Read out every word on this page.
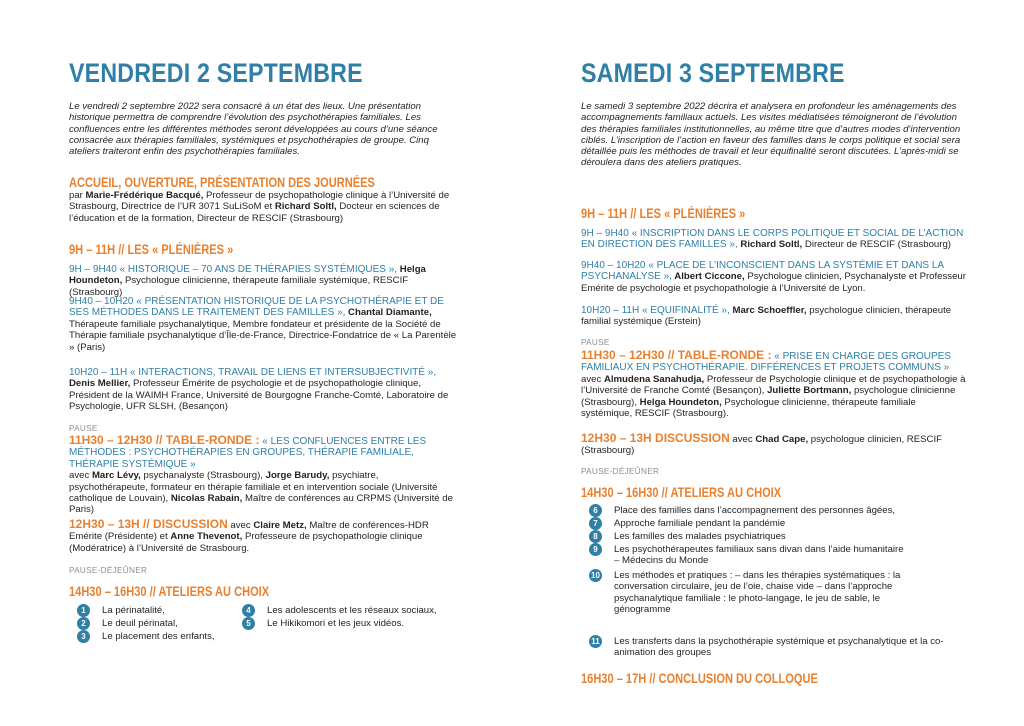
VENDREDI 2 SEPTEMBRE

Le vendredi 2 septembre 2022 sera consacré à un état des lieux. Une présentation historique permettra de comprendre l’évolution des psychothérapies familiales. Les confluences entre les différentes méthodes seront développées au cours d’une séance consacrée aux thérapies familiales, systémiques et psychothérapies de groupe. Cinq ateliers traiteront enfin des psychothérapies familiales.

ACCUEIL, OUVERTURE, PRÉSENTATION DES JOURNÉES
par Marie-Frédérique Bacqué, Professeur de psychopathologie clinique à l’Université de Strasbourg, Directrice de l’UR 3071 SuLiSoM et Richard Soltl, Docteur en sciences de l’éducation et de la formation, Directeur de RESCIF (Strasbourg)
9H – 11H // LES « PLÉNIÈRES »
9H – 9H40 « HISTORIQUE – 70 ANS DE THÉRAPIES SYSTÉMIQUES », Helga Houndeton, Psychologue clinicienne, thérapeute familiale systémique, RESCIF (Strasbourg)
9H40 – 10H20 « PRÉSENTATION HISTORIQUE DE LA PSYCHOTHÉRAPIE ET DE SES MÉTHODES DANS LE TRAITEMENT DES FAMILLES », Chantal Diamante, Thérapeute familiale psychanalytique, Membre fondateur et présidente de la Société de Thérapie familiale psychanalytique d’Île-de-France, Directrice-Fondatrice de « La Parentèle » (Paris)
10H20 – 11H « INTERACTIONS, TRAVAIL DE LIENS ET INTERSUBJECTIVITÉ », Denis Mellier, Professeur Émérite de psychologie et de psychopathologie clinique, Président de la WAIMH France, Université de Bourgogne Franche-Comté, Laboratoire de Psychologie, UFR SLSH, (Besançon)
PAUSE
11H30 – 12H30 // TABLE-RONDE : « LES CONFLUENCES ENTRE LES MÉTHODES : PSYCHOTHÉRAPIES EN GROUPES, THÉRAPIE FAMILIALE, THÉRAPIE SYSTÉMIQUE »
avec Marc Lévy, psychanalyste (Strasbourg), Jorge Barudy, psychiatre, psychothérapeute, formateur en thérapie familiale et en intervention sociale (Université catholique de Louvain), Nicolas Rabain, Maître de conférences au CRPMS (Université de Paris)
12H30 – 13H // DISCUSSION avec Claire Metz, Maître de conférences-HDR Emérite (Présidente) et Anne Thevenot, Professeure de psychopathologie clinique (Modératrice) à l’Université de Strasbourg.
PAUSE-DÉJEÛNER
14H30 – 16H30 // ATELIERS AU CHOIX
1	La périnatalité,
2	Le deuil périnatal,
3	Le placement des enfants,
4	Les adolescents et les réseaux sociaux,
5	Le Hikikomori et les jeux vidéos.
SAMEDI 3 SEPTEMBRE

Le samedi 3 septembre 2022 décrira et analysera en profondeur les aménagements des accompagnements familiaux actuels. Les visites médiatisées témoigneront de l’évolution des thérapies familiales institutionnelles, au même titre que d’autres modes d’intervention ciblés. L’inscription de l’action en faveur des familles dans le corps politique et social sera détaillée puis les méthodes de travail et leur équifinalité seront discutées. L’après-midi se déroulera dans des ateliers pratiques.

9H – 11H // LES « PLÉNIÈRES »
9H – 9H40 « INSCRIPTION DANS LE CORPS POLITIQUE ET SOCIAL DE L’ACTION EN DIRECTION DES FAMILLES », Richard Soltl, Directeur de RESCIF (Strasbourg)
9H40 – 10H20 « PLACE DE L’INCONSCIENT DANS LA SYSTÉMIE ET DANS LA PSYCHANALYSE », Albert Ciccone, Psychologue clinicien, Psychanalyste et Professeur Emérite de psychologie et psychopathologie à l’Université de Lyon.
10H20 – 11H « EQUIFINALITÉ », Marc Schoeffler, psychologue clinicien, thérapeute familial systémique (Erstein)
PAUSE
11H30 – 12H30 // TABLE-RONDE : « PRISE EN CHARGE DES GROUPES FAMILIAUX EN PSYCHOTHÉRAPIE. DIFFÉRENCES ET PROJETS COMMUNS » avec Almudena Sanahudja, Professeur de Psychologie clinique et de psychopathologie à l’Université de Franche Comté (Besançon), Juliette Bortmann, psychologue clinicienne (Strasbourg), Helga Houndeton, Psychologue clinicienne, thérapeute familiale systémique, RESCIF (Strasbourg).
12H30 – 13H DISCUSSION avec Chad Cape, psychologue clinicien, RESCIF (Strasbourg)
PAUSE-DÉJEÛNER
14H30 – 16H30 // ATELIERS AU CHOIX
6	Place des familles dans l’accompagnement des personnes âgées,
7	Approche familiale pendant la pandémie
8	Les familles des malades psychiatriques
9	Les psychothérapeutes familiaux sans divan dans l’aide humanitaire – Médecins du Monde
10 Les méthodes et pratiques : – dans les thérapies systématiques : la conversation circulaire, jeu de l’oie, chaise vide – dans l’approche psychanalytique familiale : le photo-langage, le jeu de sable, le génogramme
11 Les transferts dans la psychothérapie systémique et psychanalytique et la co-animation des groupes
16H30 – 17H // CONCLUSION DU COLLOQUE
